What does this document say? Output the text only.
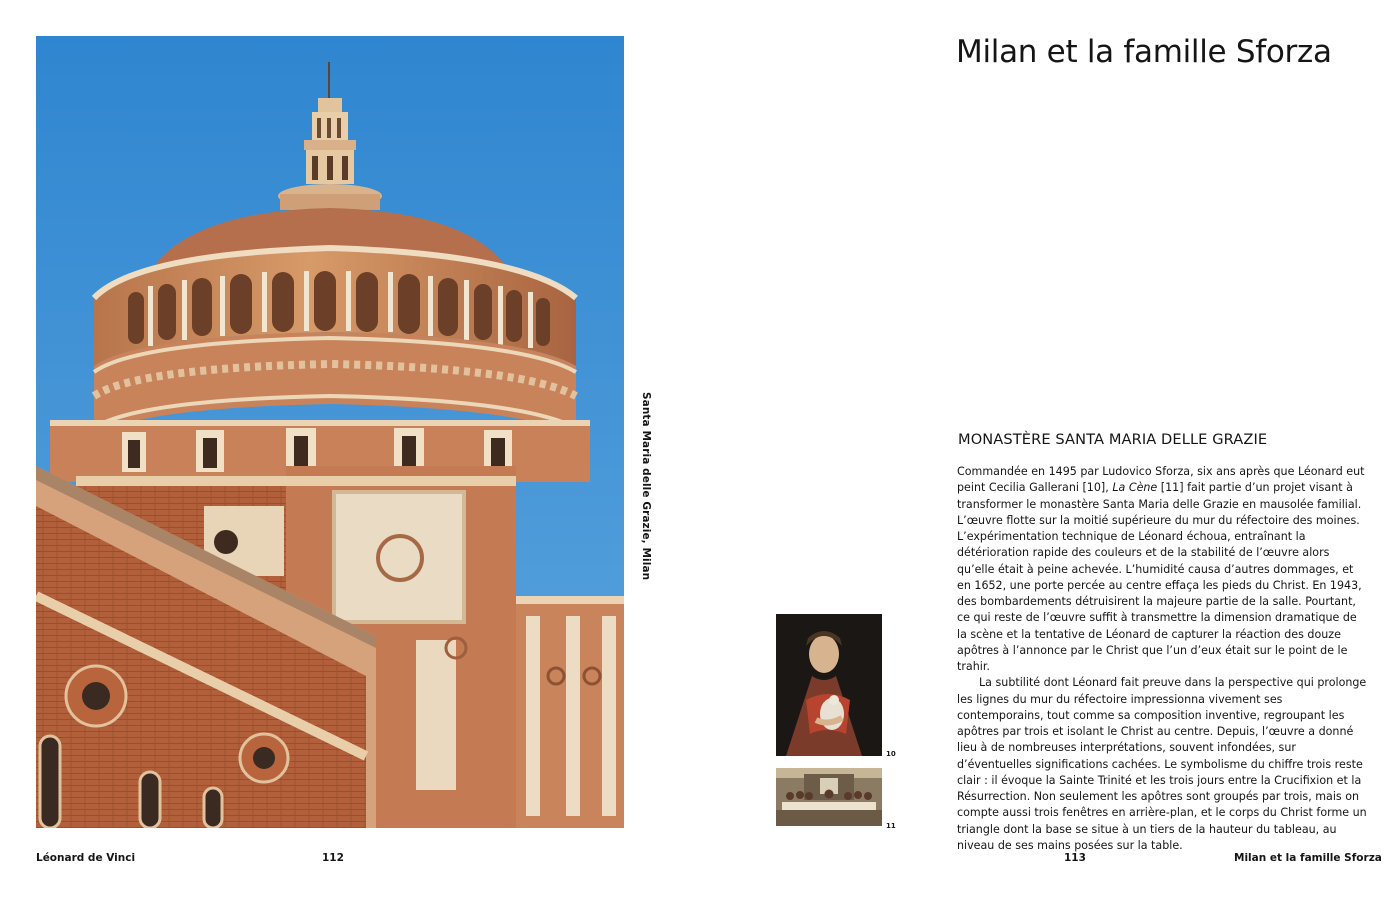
Santa Maria delle Grazie, Milan
10
11
Milan et la famille Sforza
MONASTÈRE SANTA MARIA DELLE GRAZIE

Commandée en 1495 par Ludovico Sforza, six ans après que Léonard eut peint Cecilia Gallerani [10], La Cène [11] fait partie d’un projet visant à transformer le monastère Santa Maria delle Grazie en mausolée familial. L’œuvre flotte sur la moitié supérieure du mur du réfectoire des moines. L’expérimentation technique de Léonard échoua, entraînant la détérioration rapide des couleurs et de la stabilité de l’œuvre alors qu’elle était à peine achevée. L’humidité causa d’autres dommages, et en 1652, une porte percée au centre effaça les pieds du Christ. En 1943, des bombardements détruisirent la majeure partie de la salle. Pourtant, ce qui reste de l’œuvre suffit à transmettre la dimension dramatique de la scène et la tentative de Léonard de capturer la réaction des douze apôtres à l’annonce par le Christ que l’un d’eux était sur le point de le trahir.

La subtilité dont Léonard fait preuve dans la perspective qui prolonge les lignes du mur du réfectoire impressionna vivement ses contemporains, tout comme sa composition inventive, regroupant les apôtres par trois et isolant le Christ au centre. Depuis, l’œuvre a donné lieu à de nombreuses interprétations, souvent infondées, sur d’éventuelles significations cachées. Le symbolisme du chiffre trois reste clair : il évoque la Sainte Trinité et les trois jours entre la Crucifixion et la Résurrection. Non seulement les apôtres sont groupés par trois, mais on compte aussi trois fenêtres en arrière-plan, et le corps du Christ forme un triangle dont la base se situe à un tiers de la hauteur du tableau, au niveau de ses mains posées sur la table.

Léonard de Vinci	112	113	Milan et la famille Sforza
